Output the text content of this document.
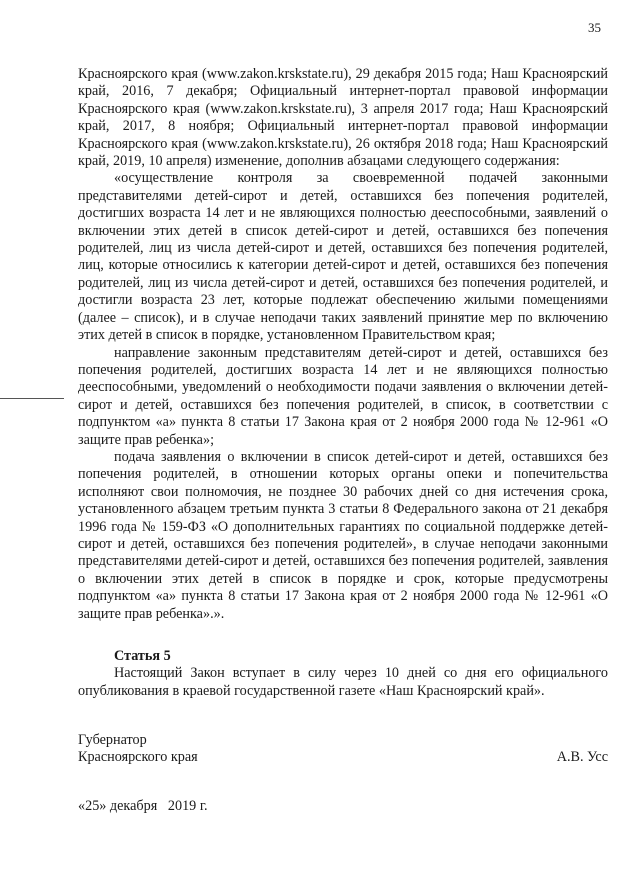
35

Красноярского края (www.zakon.krskstate.ru), 29 декабря 2015 года; Наш Красноярский край, 2016, 7 декабря; Официальный интернет-портал правовой информации Красноярского края (www.zakon.krskstate.ru), 3 апреля 2017 года; Наш Красноярский край, 2017, 8 ноября; Официальный интернет-портал правовой информации Красноярского края (www.zakon.krskstate.ru), 26 октября 2018 года; Наш Красноярский край, 2019, 10 апреля) изменение, дополнив абзацами следующего содержания:

«осуществление контроля за своевременной подачей законными представителями детей-сирот и детей, оставшихся без попечения родителей, достигших возраста 14 лет и не являющихся полностью дееспособными, заявлений о включении этих детей в список детей-сирот и детей, оставшихся без попечения родителей, лиц из числа детей-сирот и детей, оставшихся без попечения родителей, лиц, которые относились к категории детей-сирот и детей, оставшихся без попечения родителей, лиц из числа детей-сирот и детей, оставшихся без попечения родителей, и достигли возраста 23 лет, которые подлежат обеспечению жилыми помещениями (далее – список), и в случае неподачи таких заявлений принятие мер по включению этих детей в список в порядке, установленном Правительством края;

направление законным представителям детей-сирот и детей, оставшихся без попечения родителей, достигших возраста 14 лет и не являющихся полностью дееспособными, уведомлений о необходимости подачи заявления о включении детей-сирот и детей, оставшихся без попечения родителей, в список, в соответствии с подпунктом «а» пункта 8 статьи 17 Закона края от 2 ноября 2000 года № 12-961 «О защите прав ребенка»;

подача заявления о включении в список детей-сирот и детей, оставшихся без попечения родителей, в отношении которых органы опеки и попечительства исполняют свои полномочия, не позднее 30 рабочих дней со дня истечения срока, установленного абзацем третьим пункта 3 статьи 8 Федерального закона от 21 декабря 1996 года № 159-ФЗ «О дополнительных гарантиях по социальной поддержке детей-сирот и детей, оставшихся без попечения родителей», в случае неподачи законными представителями детей-сирот и детей, оставшихся без попечения родителей, заявления о включении этих детей в список в порядке и срок, которые предусмотрены подпунктом «а» пункта 8 статьи 17 Закона края от 2 ноября 2000 года № 12-961 «О защите прав ребенка».».

Статья 5

Настоящий Закон вступает в силу через 10 дней со дня его официального опубликования в краевой государственной газете «Наш Красноярский край».

Губернатор
Красноярского края	А.В. Усс
«25» декабря   2019 г.
